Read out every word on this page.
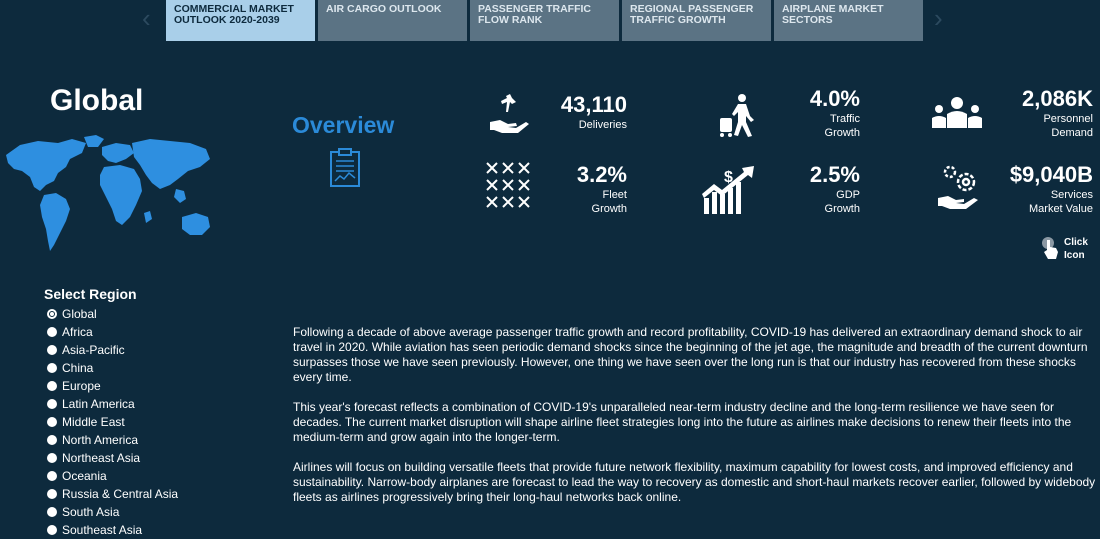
‹	COMMERCIAL MARKET OUTLOOK 2020-2039
AIR CARGO OUTLOOK	PASSENGER TRAFFIC FLOW RANK
REGIONAL PASSENGER TRAFFIC GROWTH
AIRPLANE MARKET SECTORS	›
Global
Select Region
Global
Africa
Asia-Pacific
China
Europe
Latin America
Middle East
North America
Northeast Asia
Oceania
Russia & Central Asia
South Asia
Southeast Asia
Overview
$
43,110
Deliveries
4.0%
Traffic
Growth
2,086K
Personnel
Demand
3.2%
Fleet
Growth
2.5%
GDP
Growth
$9,040B
Services
Market Value
Click
Icon

Following a decade of above average passenger traffic growth and record profitability, COVID-19 has delivered an extraordinary demand shock to air travel in 2020. While aviation has seen periodic demand shocks since the beginning of the jet age, the magnitude and breadth of the current downturn surpasses those we have seen previously. However, one thing we have seen over the long run is that our industry has recovered from these shocks every time.

This year's forecast reflects a combination of COVID-19's unparalleled near-term industry decline and the long-term resilience we have seen for decades. The current market disruption will shape airline fleet strategies long into the future as airlines make decisions to renew their fleets into the medium-term and grow again into the longer-term.

Airlines will focus on building versatile fleets that provide future network flexibility, maximum capability for lowest costs, and improved efficiency and sustainability. Narrow-body airplanes are forecast to lead the way to recovery as domestic and short-haul markets recover earlier, followed by widebody fleets as airlines progressively bring their long-haul networks back online.
